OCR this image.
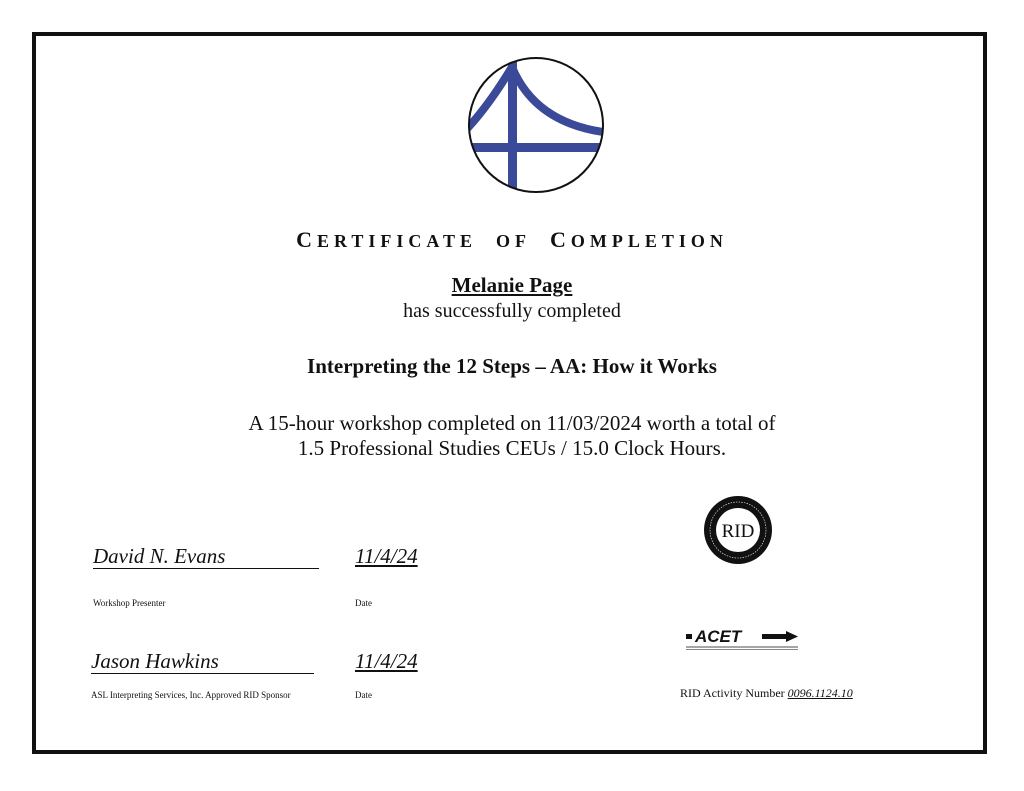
CERTIFICATE OF COMPLETION
Melanie Page
has successfully completed
Interpreting the 12 Steps – AA: How it Works
A 15-hour workshop completed on 11/03/2024 worth a total of
1.5 Professional Studies CEUs / 15.0 Clock Hours.
David N. Evans	11/4/24
Workshop Presenter	Date
Jason Hawkins	11/4/24
ASL Interpreting Services, Inc. Approved RID Sponsor	Date
RID
ACET
RID Activity Number 0096.1124.10
